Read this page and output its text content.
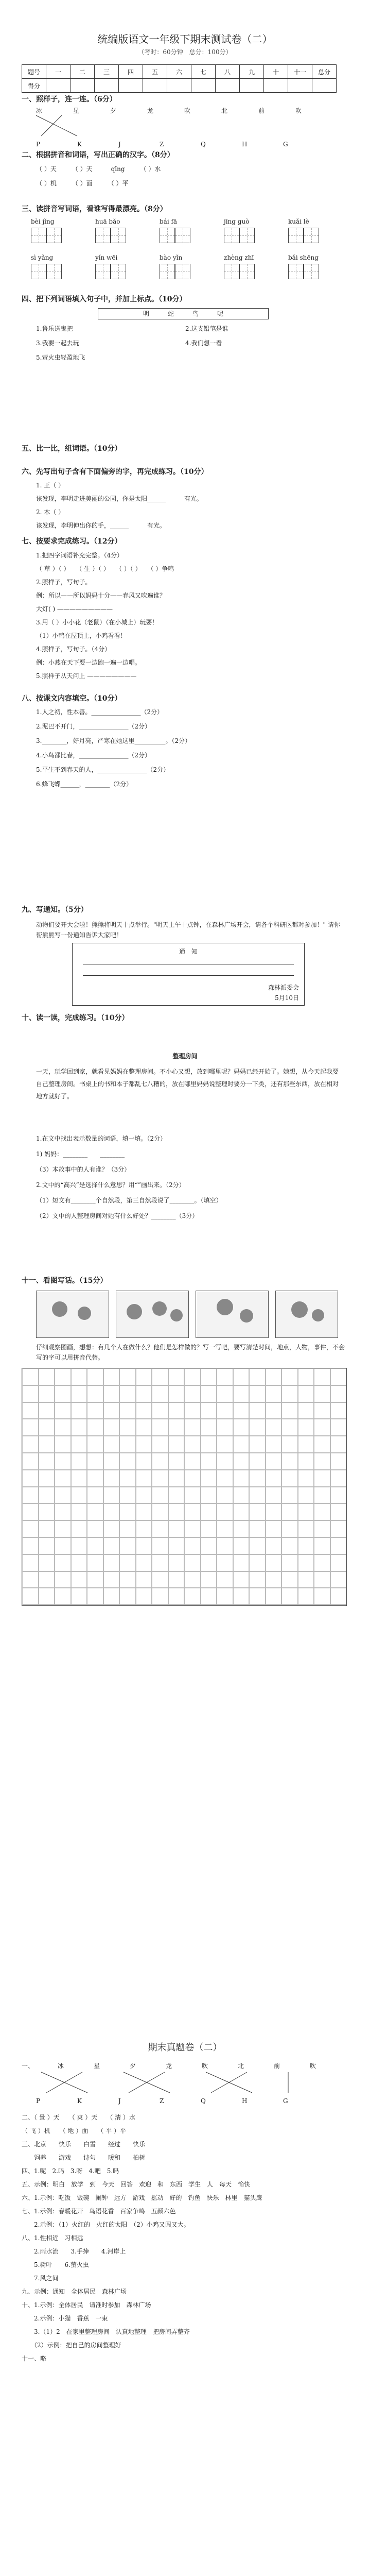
统编版语文一年级下期末测试卷（二）
（考时：60分钟　总分：100分）
题号	一	二	三	四	五	六	七	八	九	十	十一	总分
得分												
一、照样子，连一连。（6分）
冰	星	夕	龙	吹	北	前	吹
P	K	J	Z	Q	H	G
二、根据拼音和词语，写出正确的汉字。（8分）
（ ）天　　　（ ）天　　　qīng　　　（ ）水
（ ）机　　　（ ）面　　　（ ）平
三、读拼音写词语，看谁写得最漂亮。（8分）
bèi jǐng	huā bǎo	bái fā	jīng guò	kuǎi lè
sì yǎng	yǐn wēi	bào yǐn	zhèng zhī	bǎi shēng
四、把下列词语填入句子中，并加上标点。（10分）
明　　　蛇　　　鸟　　　呢
1.鲁乐送鬼把　　　　
3.我要一起去玩　　　　
5.萤火虫轻盈地飞　　　　
2.这支铅笔是谁　　　　
4.我们想一看　　　　
五、比一比，组词语。（10分）
六、先写出句子含有下面偏旁的字，再完成练习。（10分）
1. 王（ ）
该发现，李明走进美丽的公园，你是太阳______　　　有光。
2. 木（ ）
该发现，李明伸出你的手，______　　　有光。
七、按要求完成练习。（12分）
1.把四字词语补充完整。（4分）
（ 草 ）（ ）　　（ 生 ）（ ）　　（ ）（ ）　　（ ）争鸣
2.照样子，写句子。
例：所以——所以妈妈十分——春风又吹遍谁？
大灯( ) —————————
3.用（ ）小小花（老鼠）（在小城上）玩耍！
（1）小鸭在屋顶上，小鸡看看！
4.照样子，写句子。（4分）
例：小燕在天下要一边跑一遍一边唱。
5.照样子从天问上 ————————
八、按课文内容填空。（10分）
1.人之初，性本善。________________（2分）
2.泥巴不开门，________________（2分）
3.________，好月亮，严寒在她这里__________。（2分）
4.小鸟都比春，________________（2分）
5.平生不到春天的人，________________（2分）
6.蜂飞蝶______，________（2分）
九、写通知。（5分）
动物们要开大会啦！熊熊将明天十点举行。"明天上午十点钟，在森林广场开会，请各个科研区都对参加！" 请你帮熊熊写一份通知告诉大家吧！
通　知
森林派委会
5月10日
十、读一读，完成练习。（10分）
整理房间
一天，玩学回到家，就看见妈妈在整理房间。不小心又想，放到哪里呢？妈妈已经开始了。她想，从今天起我要自己整理房间。书桌上的书和本子都乱七八糟的，放在哪里妈妈说整理时要分一下类，还有那些东西，放在相对地方就好了。
1.在文中找出表示数量的词语，填一填。（2分）
1) 妈妈：________　　________
（3）本故事中的人有谁？（3分）
2.文中的“高兴”是选择什么意思？用“”画出来。（2分）
（1）短文有________个自然段，第三自然段说了________。（填空）
（2）文中的人整理房间对她有什么好处？________（3分）
十一、看图写话。（15分）
仔细观察图画，想想：有几个人在做什么？他们是怎样做的？写一写吧，要写清楚时间，地点，人物，事件，不会写的字可以用拼音代替。
期末真题卷（二）
一、	冰	星	夕	龙	吹	北	前	吹
P	K	J	Z	Q	H	G
二、（ 景 ）天　　（ 爽 ）天　　（ 清 ）水
（ 飞 ）机　　（ 地 ）面　　（ 平 ）平
三、北京　　快乐　　白雪　　经过　　快乐
　　饲养　　游戏　　诗句　　暖和　　柏树
四、1.呢　2.吗　3.呀　4.吧　5.吗
五、示例：明白　放学　到　今天　回答　欢迎　和　东西　学生　人　每天　愉快
六、1.示例：吃饭　饭碗　闹钟　远方　游戏　摇动　好的　钓鱼　快乐　林里　猫头鹰
七、1.示例：春暖花开　鸟语花香　百家争鸣　五颜六色
　　2.示例：（1）火红的　火红的太阳　（2）小鸡又圆又大。
八、1.性相近　习相远
　　2.雨水流　　3.手捧　　4.河岸上
　　5.树叶　　6.萤火虫
　　7.风之间
九、示例：通知　全体居民　森林广场
十、1.示例：全体居民　请准时参加　森林广场
　　2.示例：小猫　香蕉　一束
　　3.（1）2　在家里整理房间　认真地整理　把房间弄整齐
　　（2）示例：把自己的房间整理好
十一、略
